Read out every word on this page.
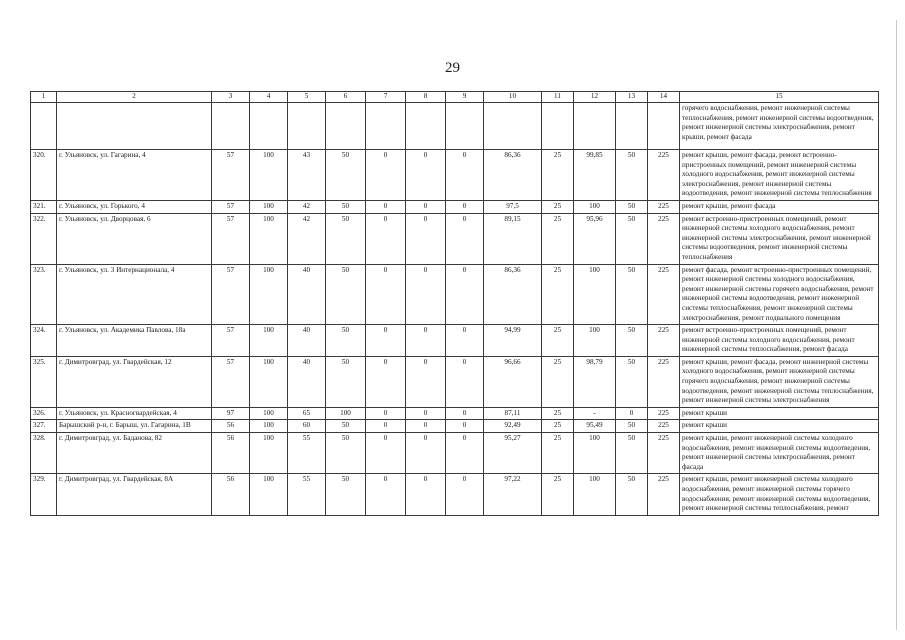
29
1	2	3	4	5	6	7	8	9	10	11	12	13	14	15
														горячего водоснабжения, ремонт инженерной системы теплоснабжения, ремонт инженерной системы водоотведения, ремонт инженерной системы электроснабжения, ремонт крыши, ремонт фасада
320.	г. Ульяновск, ул. Гагарина, 4	57	100	43	50	0	0	0	86,36	25	99,85	50	225	ремонт крыши, ремонт фасада, ремонт встроенно-пристроенных помещений, ремонт инженерной системы холодного водоснабжения, ремонт инженерной системы электроснабжения, ремонт инженерной системы водоотведения, ремонт инженерной системы теплоснабжения
321.	г. Ульяновск, ул. Горького, 4	57	100	42	50	0	0	0	97,5	25	100	50	225	ремонт крыши, ремонт фасада
322.	г. Ульяновск, ул. Дворцовая, 6	57	100	42	50	0	0	0	89,15	25	95,96	50	225	ремонт встроенно-пристроенных помещений, ремонт инженерной системы холодного водоснабжения, ремонт инженерной системы электроснабжения, ремонт инженерной системы водоотведения, ремонт инженерной системы теплоснабжения
323.	г. Ульяновск, ул. 3 Интернационала, 4	57	100	40	50	0	0	0	86,36	25	100	50	225	ремонт фасада, ремонт встроенно-пристроенных помещений, ремонт инженерной системы холодного водоснабжения, ремонт инженерной системы горячего водоснабжения, ремонт инженерной системы водоотведения, ремонт инженерной системы теплоснабжения, ремонт инженерной системы электроснабжения, ремонт подвального помещения
324.	г. Ульяновск, ул. Академика Павлова, 18а	57	100	40	50	0	0	0	94,99	25	100	50	225	ремонт встроенно-пристроенных помещений, ремонт инженерной системы холодного водоснабжения, ремонт инженерной системы теплоснабжения, ремонт фасада
325.	г. Димитровград, ул. Гвардейская, 12	57	100	40	50	0	0	0	96,66	25	98,79	50	225	ремонт крыши, ремонт фасада, ремонт инженерной системы холодного водоснабжения, ремонт инженерной системы горячего водоснабжения, ремонт инженерной системы водоотведения, ремонт инженерной системы теплоснабжения, ремонт инженерной системы электроснабжения
326.	г. Ульяновск, ул. Красногвардейская, 4	97	100	65	100	0	0	0	87,11	25	-	0	225	ремонт крыши
327.	Барышский р-н, г. Барыш, ул. Гагарина, 1В	56	100	60	50	0	0	0	92,49	25	95,49	50	225	ремонт крыши
328.	г. Димитровград, ул. Баданова, 82	56	100	55	50	0	0	0	95,27	25	100	50	225	ремонт крыши, ремонт инженерной системы холодного водоснабжения, ремонт инженерной системы водоотведения, ремонт инженерной системы электроснабжения, ремонт фасада
329.	г. Димитровград, ул. Гвардейская, 8А	56	100	55	50	0	0	0	97,22	25	100	50	225	ремонт крыши, ремонт инженерной системы холодного водоснабжения, ремонт инженерной системы горячего водоснабжения, ремонт инженерной системы водоотведения, ремонт инженерной системы теплоснабжения, ремонт
